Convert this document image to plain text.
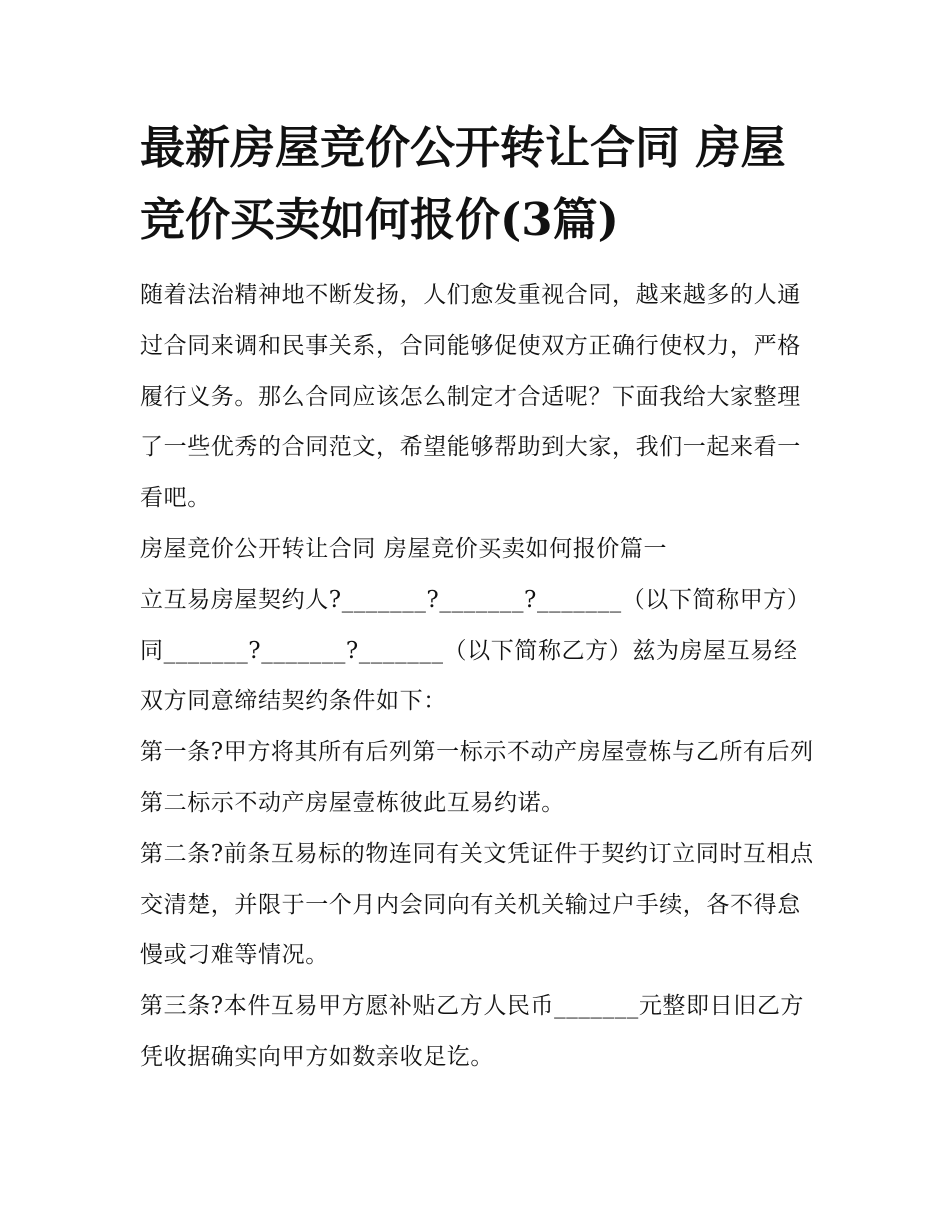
最新房屋竞价公开转让合同 房屋竞价买卖如何报价(3篇)

随着法治精神地不断发扬，人们愈发重视合同，越来越多的人通过合同来调和民事关系，合同能够促使双方正确行使权力，严格履行义务。那么合同应该怎么制定才合适呢？下面我给大家整理了一些优秀的合同范文，希望能够帮助到大家，我们一起来看一看吧。

房屋竞价公开转让合同 房屋竞价买卖如何报价篇一

立互易房屋契约人?_______?_______?_______（以下简称甲方）同_______?_______?_______（以下简称乙方）兹为房屋互易经双方同意缔结契约条件如下：

第一条?甲方将其所有后列第一标示不动产房屋壹栋与乙所有后列第二标示不动产房屋壹栋彼此互易约诺。

第二条?前条互易标的物连同有关文凭证件于契约订立同时互相点交清楚，并限于一个月内会同向有关机关输过户手续，各不得怠慢或刁难等情况。

第三条?本件互易甲方愿补贴乙方人民币_______元整即日旧乙方凭收据确实向甲方如数亲收足讫。
